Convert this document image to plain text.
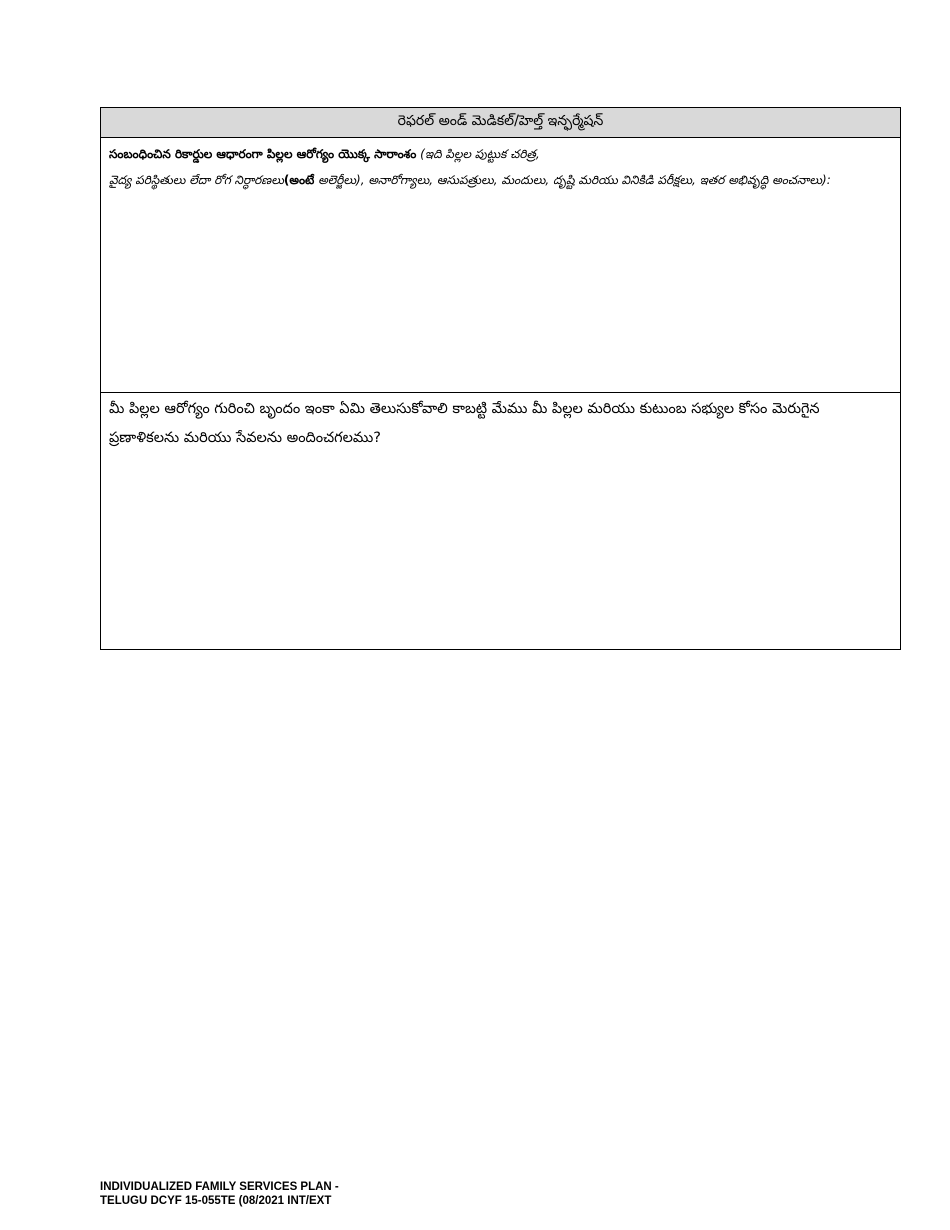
రెఫరల్ అండ్ మెడికల్/హెల్త్ ఇన్ఫర్మేషన్
సంబంధించిన రికార్డుల ఆధారంగా పిల్లల ఆరోగ్యం యొక్క సారాంశం (ఇది పిల్లల పుట్టుక చరిత్ర,
వైద్య పరిస్థితులు లేదా రోగ నిర్ధారణలు(అంటే అలెర్జీలు), అనారోగ్యాలు, ఆసుపత్రులు, మందులు, దృష్టి మరియు వినికిడి పరీక్షలు, ఇతర అభివృద్ధి అంచనాలు):
మీ పిల్లల ఆరోగ్యం గురించి బృందం ఇంకా ఏమి తెలుసుకోవాలి కాబట్టి మేము మీ పిల్లల మరియు కుటుంబ సభ్యుల కోసం మెరుగైన
ప్రణాళికలను మరియు సేవలను అందించగలము?
INDIVIDUALIZED FAMILY SERVICES PLAN -
TELUGU DCYF 15-055TE (08/2021 INT/EXT
